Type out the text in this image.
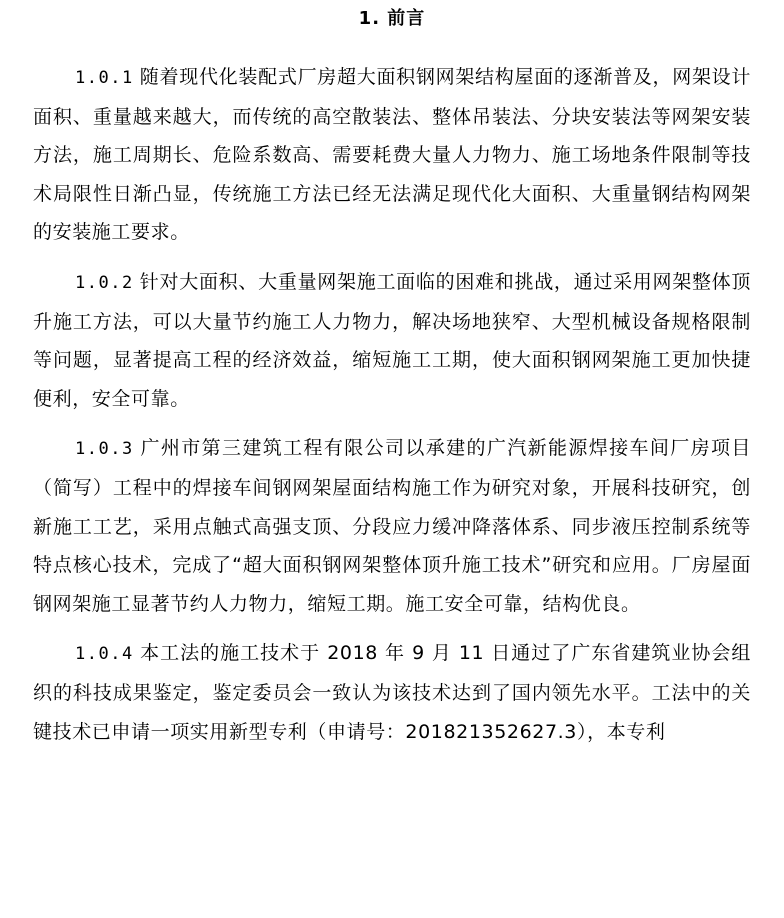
1. 前言

1.0.1 随着现代化装配式厂房超大面积钢网架结构屋面的逐渐普及，网架设计面积、重量越来越大，而传统的高空散装法、整体吊装法、分块安装法等网架安装方法，施工周期长、危险系数高、需要耗费大量人力物力、施工场地条件限制等技术局限性日渐凸显，传统施工方法已经无法满足现代化大面积、大重量钢结构网架的安装施工要求。

1.0.2 针对大面积、大重量网架施工面临的困难和挑战，通过采用网架整体顶升施工方法，可以大量节约施工人力物力，解决场地狭窄、大型机械设备规格限制等问题，显著提高工程的经济效益，缩短施工工期，使大面积钢网架施工更加快捷便利，安全可靠。

1.0.3 广州市第三建筑工程有限公司以承建的广汽新能源焊接车间厂房项目（简写）工程中的焊接车间钢网架屋面结构施工作为研究对象，开展科技研究，创新施工工艺，采用点触式高强支顶、分段应力缓冲降落体系、同步液压控制系统等特点核心技术，完成了“超大面积钢网架整体顶升施工技术”研究和应用。厂房屋面钢网架施工显著节约人力物力，缩短工期。施工安全可靠，结构优良。

1.0.4 本工法的施工技术于 2018 年 9 月 11 日通过了广东省建筑业协会组织的科技成果鉴定，鉴定委员会一致认为该技术达到了国内领先水平。工法中的关键技术已申请一项实用新型专利（申请号：201821352627.3），本专利
